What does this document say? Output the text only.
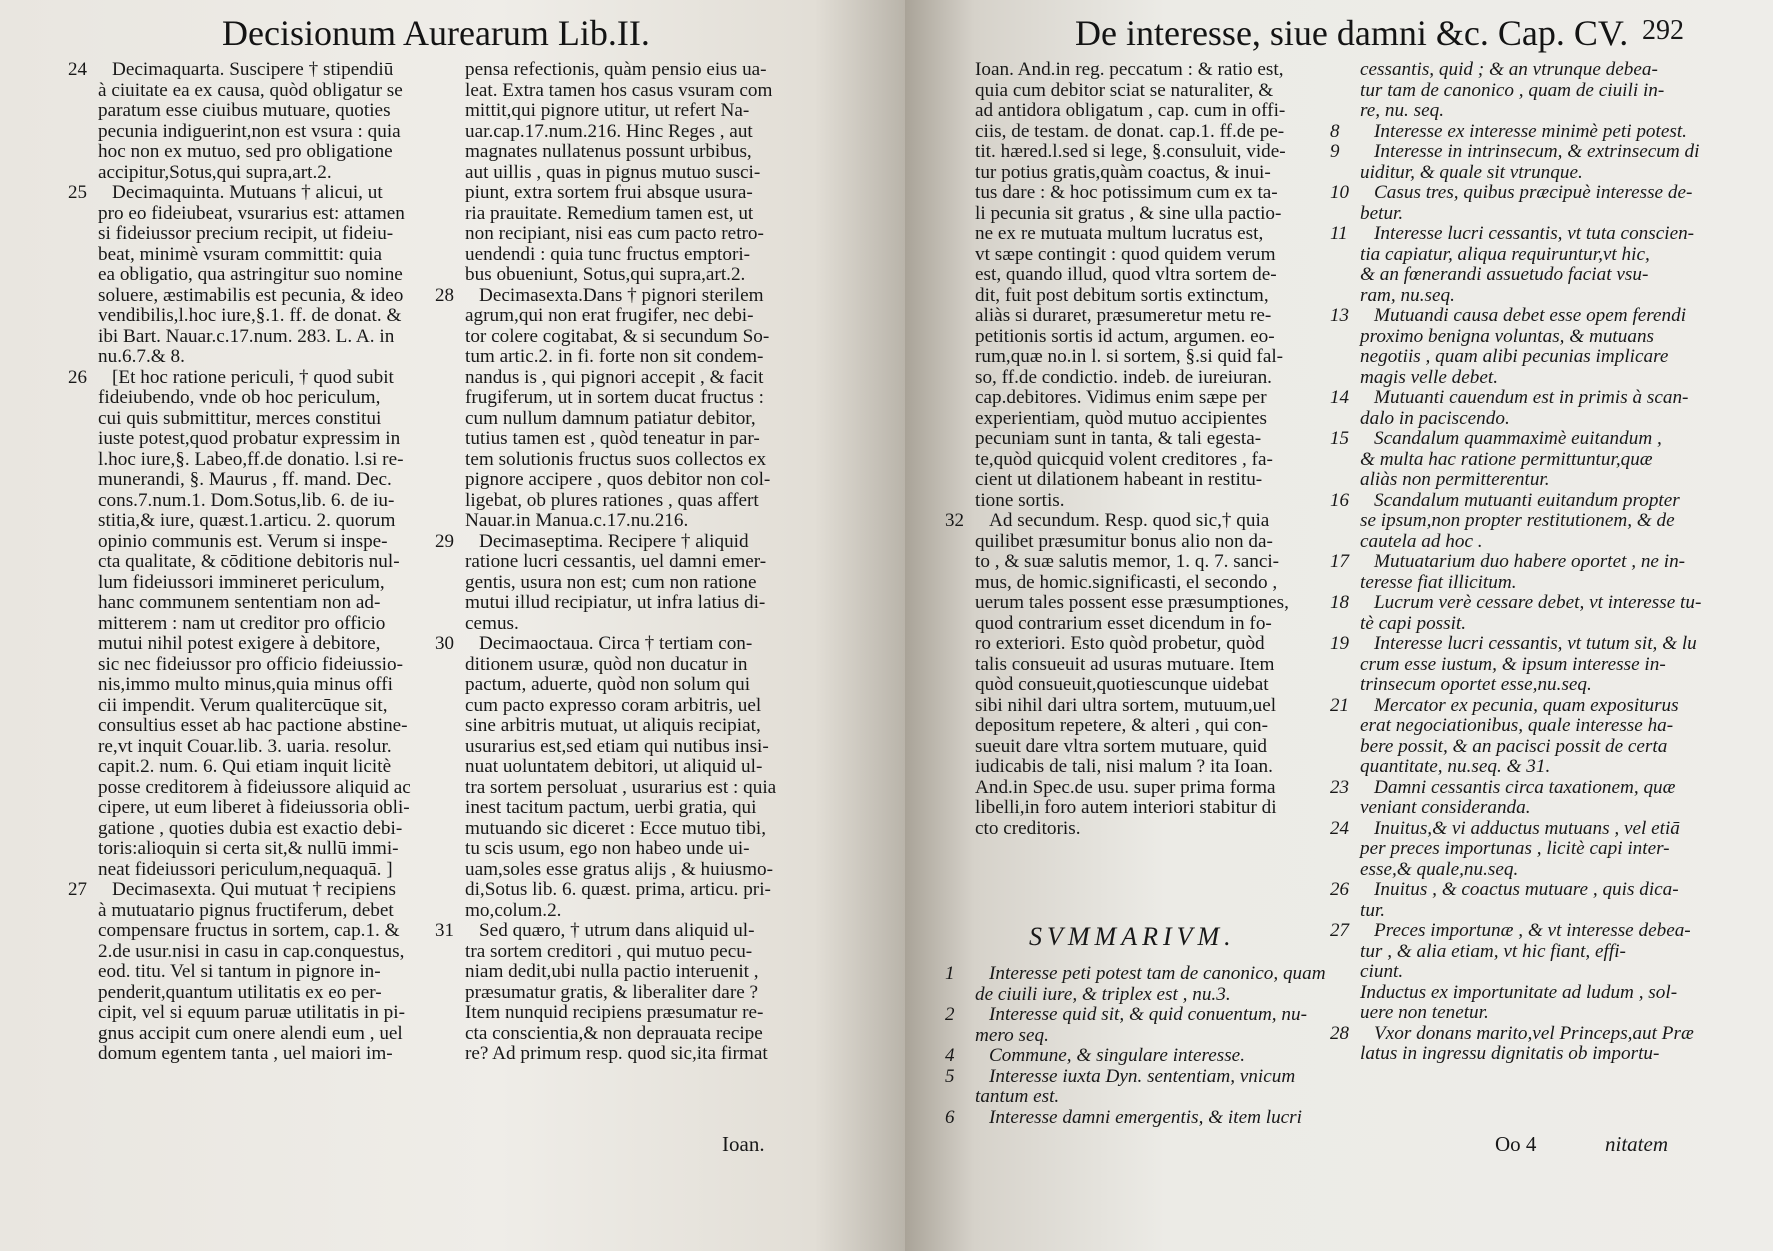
Decisionum Aurearum Lib.II.
24 Decimaquarta. Suscipere † stipendiū
à ciuitate ea ex causa, quòd obligatur se
paratum esse ciuibus mutuare, quoties
pecunia indiguerint,non est vsura : quia
hoc non ex mutuo, sed pro obligatione
accipitur,Sotus,qui supra,art.2.
25 Decimaquinta. Mutuans † alicui, ut
pro eo fideiubeat, vsurarius est: attamen
si fideiussor precium recipit, ut fideiu-
beat, minimè vsuram committit: quia
ea obligatio, qua astringitur suo nomine
soluere, æstimabilis est pecunia, & ideo
vendibilis,l.hoc iure,§.1. ff. de donat. &
ibi Bart. Nauar.c.17.num. 283. L. A. in
nu.6.7.& 8.
26 [Et hoc ratione periculi, † quod subit
fideiubendo, vnde ob hoc periculum,
cui quis submittitur, merces constitui
iuste potest,quod probatur expressim in
l.hoc iure,§. Labeo,ff.de donatio. l.si re-
munerandi, §. Maurus , ff. mand. Dec.
cons.7.num.1. Dom.Sotus,lib. 6. de iu-
stitia,& iure, quæst.1.articu. 2. quorum
opinio communis est. Verum si inspe-
cta qualitate, & cōditione debitoris nul-
lum fideiussori immineret periculum,
hanc communem sententiam non ad-
mitterem : nam ut creditor pro officio
mutui nihil potest exigere à debitore,
sic nec fideiussor pro officio fideiussio-
nis,immo multo minus,quia minus offi
cii impendit. Verum qualitercūque sit,
consultius esset ab hac pactione abstine-
re,vt inquit Couar.lib. 3. uaria. resolur.
capit.2. num. 6. Qui etiam inquit licitè
posse creditorem à fideiussore aliquid ac
cipere, ut eum liberet à fideiussoria obli-
gatione , quoties dubia est exactio debi-
toris:alioquin si certa sit,& nullū immi-
neat fideiussori periculum,nequaquā. ]
27 Decimasexta. Qui mutuat † recipiens
à mutuatario pignus fructiferum, debet
compensare fructus in sortem, cap.1. &
2.de usur.nisi in casu in cap.conquestus,
eod. titu. Vel si tantum in pignore in-
penderit,quantum utilitatis ex eo per-
cipit, vel si equum paruæ utilitatis in pi-
gnus accipit cum onere alendi eum , uel
domum egentem tanta , uel maiori im-
pensa refectionis, quàm pensio eius ua-
leat. Extra tamen hos casus vsuram com
mittit,qui pignore utitur, ut refert Na-
uar.cap.17.num.216. Hinc Reges , aut
magnates nullatenus possunt urbibus,
aut uillis , quas in pignus mutuo susci-
piunt, extra sortem frui absque usura-
ria prauitate. Remedium tamen est, ut
non recipiant, nisi eas cum pacto retro-
uendendi : quia tunc fructus emptori-
bus obueniunt, Sotus,qui supra,art.2.
28 Decimasexta.Dans † pignori sterilem
agrum,qui non erat frugifer, nec debi-
tor colere cogitabat, & si secundum So-
tum artic.2. in fi. forte non sit condem-
nandus is , qui pignori accepit , & facit
frugiferum, ut in sortem ducat fructus :
cum nullum damnum patiatur debitor,
tutius tamen est , quòd teneatur in par-
tem solutionis fructus suos collectos ex
pignore accipere , quos debitor non col-
ligebat, ob plures rationes , quas affert
Nauar.in Manua.c.17.nu.216.
29 Decimaseptima. Recipere † aliquid
ratione lucri cessantis, uel damni emer-
gentis, usura non est; cum non ratione
mutui illud recipiatur, ut infra latius di-
cemus.
30 Decimaoctaua. Circa † tertiam con-
ditionem usuræ, quòd non ducatur in
pactum, aduerte, quòd non solum qui
cum pacto expresso coram arbitris, uel
sine arbitris mutuat, ut aliquis recipiat,
usurarius est,sed etiam qui nutibus insi-
nuat uoluntatem debitori, ut aliquid ul-
tra sortem persoluat , usurarius est : quia
inest tacitum pactum, uerbi gratia, qui
mutuando sic diceret : Ecce mutuo tibi,
tu scis usum, ego non habeo unde ui-
uam,soles esse gratus alijs , & huiusmo-
di,Sotus lib. 6. quæst. prima, articu. pri-
mo,colum.2.
31 Sed quæro, † utrum dans aliquid ul-
tra sortem creditori , qui mutuo pecu-
niam dedit,ubi nulla pactio interuenit ,
præsumatur gratis, & liberaliter dare ?
Item nunquid recipiens præsumatur re-
cta conscientia,& non deprauata recipe
re? Ad primum resp. quod sic,ita firmat
Ioan.
De interesse, siue damni &c. Cap. CV. 292
Ioan. And.in reg. peccatum : & ratio est,
quia cum debitor sciat se naturaliter, &
ad antidora obligatum , cap. cum in offi-
ciis, de testam. de donat. cap.1. ff.de pe-
tit. hæred.l.sed si lege, §.consuluit, vide-
tur potius gratis,quàm coactus, & inui-
tus dare : & hoc potissimum cum ex ta-
li pecunia sit gratus , & sine ulla pactio-
ne ex re mutuata multum lucratus est,
vt sæpe contingit : quod quidem verum
est, quando illud, quod vltra sortem de-
dit, fuit post debitum sortis extinctum,
aliàs si duraret, præsumeretur metu re-
petitionis sortis id actum, argumen. eo-
rum,quæ no.in l. si sortem, §.si quid fal-
so, ff.de condictio. indeb. de iureiuran.
cap.debitores. Vidimus enim sæpe per
experientiam, quòd mutuo accipientes
pecuniam sunt in tanta, & tali egesta-
te,quòd quicquid volent creditores , fa-
cient ut dilationem habeant in restitu-
tione sortis.
32 Ad secundum. Resp. quod sic,† quia
quilibet præsumitur bonus alio non da-
to , & suæ salutis memor, 1. q. 7. sanci-
mus, de homic.significasti, el secondo ,
uerum tales possent esse præsumptiones,
quod contrarium esset dicendum in fo-
ro exteriori. Esto quòd probetur, quòd
talis consueuit ad usuras mutuare. Item
quòd consueuit,quotiescunque uidebat
sibi nihil dari ultra sortem, mutuum,uel
depositum repetere, & alteri , qui con-
sueuit dare vltra sortem mutuare, quid
iudicabis de tali, nisi malum ? ita Ioan.
And.in Spec.de usu. super prima forma
libelli,in foro autem interiori stabitur di
cto creditoris.
SVMMARIVM.
1 Interesse peti potest tam de canonico, quam
de ciuili iure, & triplex est , nu.3.
2 Interesse quid sit, & quid conuentum, nu-
mero seq.
4 Commune, & singulare interesse.
5 Interesse iuxta Dyn. sententiam, vnicum
tantum est.
6 Interesse damni emergentis, & item lucri
cessantis, quid ; & an vtrunque debea-
tur tam de canonico , quam de ciuili in-
re, nu. seq.
8 Interesse ex interesse minimè peti potest.
9 Interesse in intrinsecum, & extrinsecum di
uiditur, & quale sit vtrunque.
10 Casus tres, quibus præcipuè interesse de-
betur.
11 Interesse lucri cessantis, vt tuta conscien-
tia capiatur, aliqua requiruntur,vt hic,
& an fœnerandi assuetudo faciat vsu-
ram, nu.seq.
13 Mutuandi causa debet esse opem ferendi
proximo benigna voluntas, & mutuans
negotiis , quam alibi pecunias implicare
magis velle debet.
14 Mutuanti cauendum est in primis à scan-
dalo in paciscendo.
15 Scandalum quammaximè euitandum ,
& multa hac ratione permittuntur,quæ
aliàs non permitterentur.
16 Scandalum mutuanti euitandum propter
se ipsum,non propter restitutionem, & de
cautela ad hoc .
17 Mutuatarium duo habere oportet , ne in-
teresse fiat illicitum.
18 Lucrum verè cessare debet, vt interesse tu-
tè capi possit.
19 Interesse lucri cessantis, vt tutum sit, & lu
crum esse iustum, & ipsum interesse in-
trinsecum oportet esse,nu.seq.
21 Mercator ex pecunia, quam expositurus
erat negociationibus, quale interesse ha-
bere possit, & an pacisci possit de certa
quantitate, nu.seq. & 31.
23 Damni cessantis circa taxationem, quæ
veniant consideranda.
24 Inuitus,& vi adductus mutuans , vel etiā
per preces importunas , licitè capi inter-
esse,& quale,nu.seq.
26 Inuitus , & coactus mutuare , quis dica-
tur.
27 Preces importunæ , & vt interesse debea-
tur , & alia etiam, vt hic fiant, effi-
ciunt.
Inductus ex importunitate ad ludum , sol-
uere non tenetur.
28 Vxor donans marito,vel Princeps,aut Præ
latus in ingressu dignitatis ob importu-
Oo 4	nitatem
